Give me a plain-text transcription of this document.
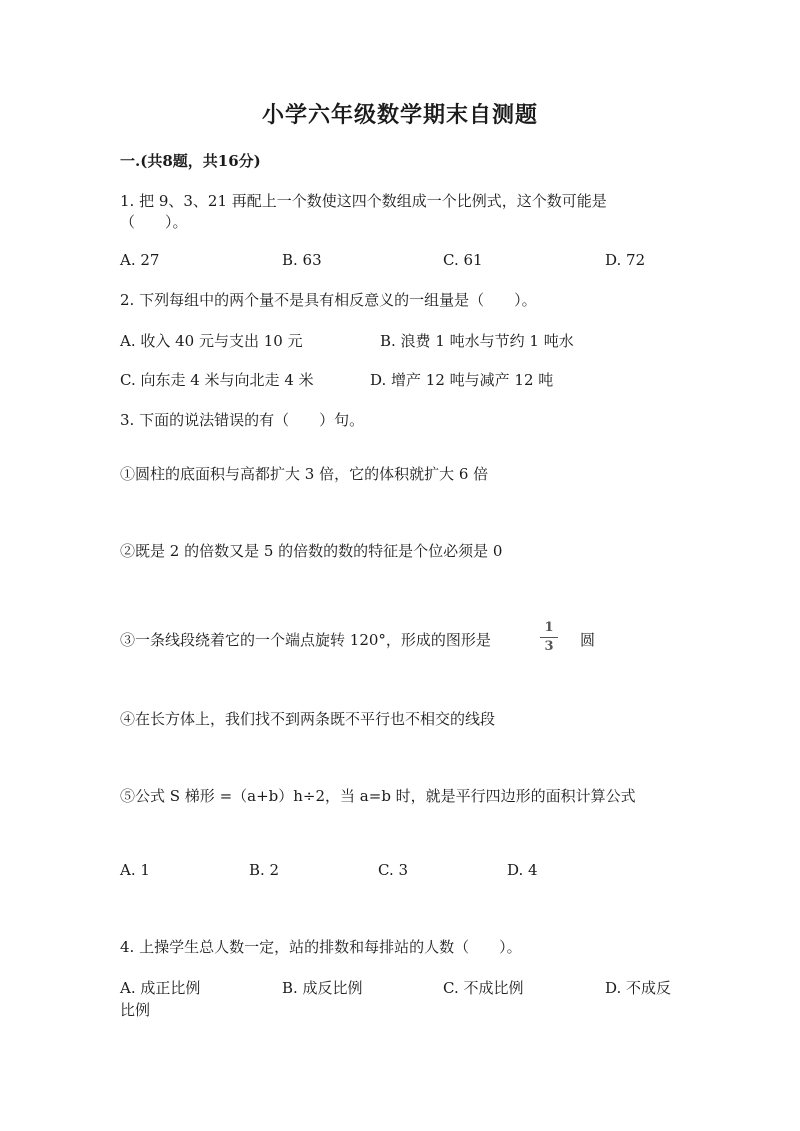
小学六年级数学期末自测题
一.(共8题，共16分)
1. 把 9、3、21 再配上一个数使这四个数组成一个比例式，这个数可能是
（　　）。
A. 27	B. 63	C. 61	D. 72
2. 下列每组中的两个量不是具有相反意义的一组量是（　　）。
A. 收入 40 元与支出 10 元	B. 浪费 1 吨水与节约 1 吨水
C. 向东走 4 米与向北走 4 米	D. 增产 12 吨与减产 12 吨
3. 下面的说法错误的有（　　）句。
①圆柱的底面积与高都扩大 3 倍，它的体积就扩大 6 倍
②既是 2 的倍数又是 5 的倍数的数的特征是个位必须是 0
③一条线段绕着它的一个端点旋转 120°，形成的图形是
1
3 圆
④在长方体上，我们找不到两条既不平行也不相交的线段
⑤公式 S 梯形 =（a+b）h÷2，当 a=b 时，就是平行四边形的面积计算公式
A. 1	B. 2	C. 3	D. 4
4. 上操学生总人数一定，站的排数和每排站的人数（　　）。
A. 成正比例	B. 成反比例	C. 不成比例	D. 不成反
比例
